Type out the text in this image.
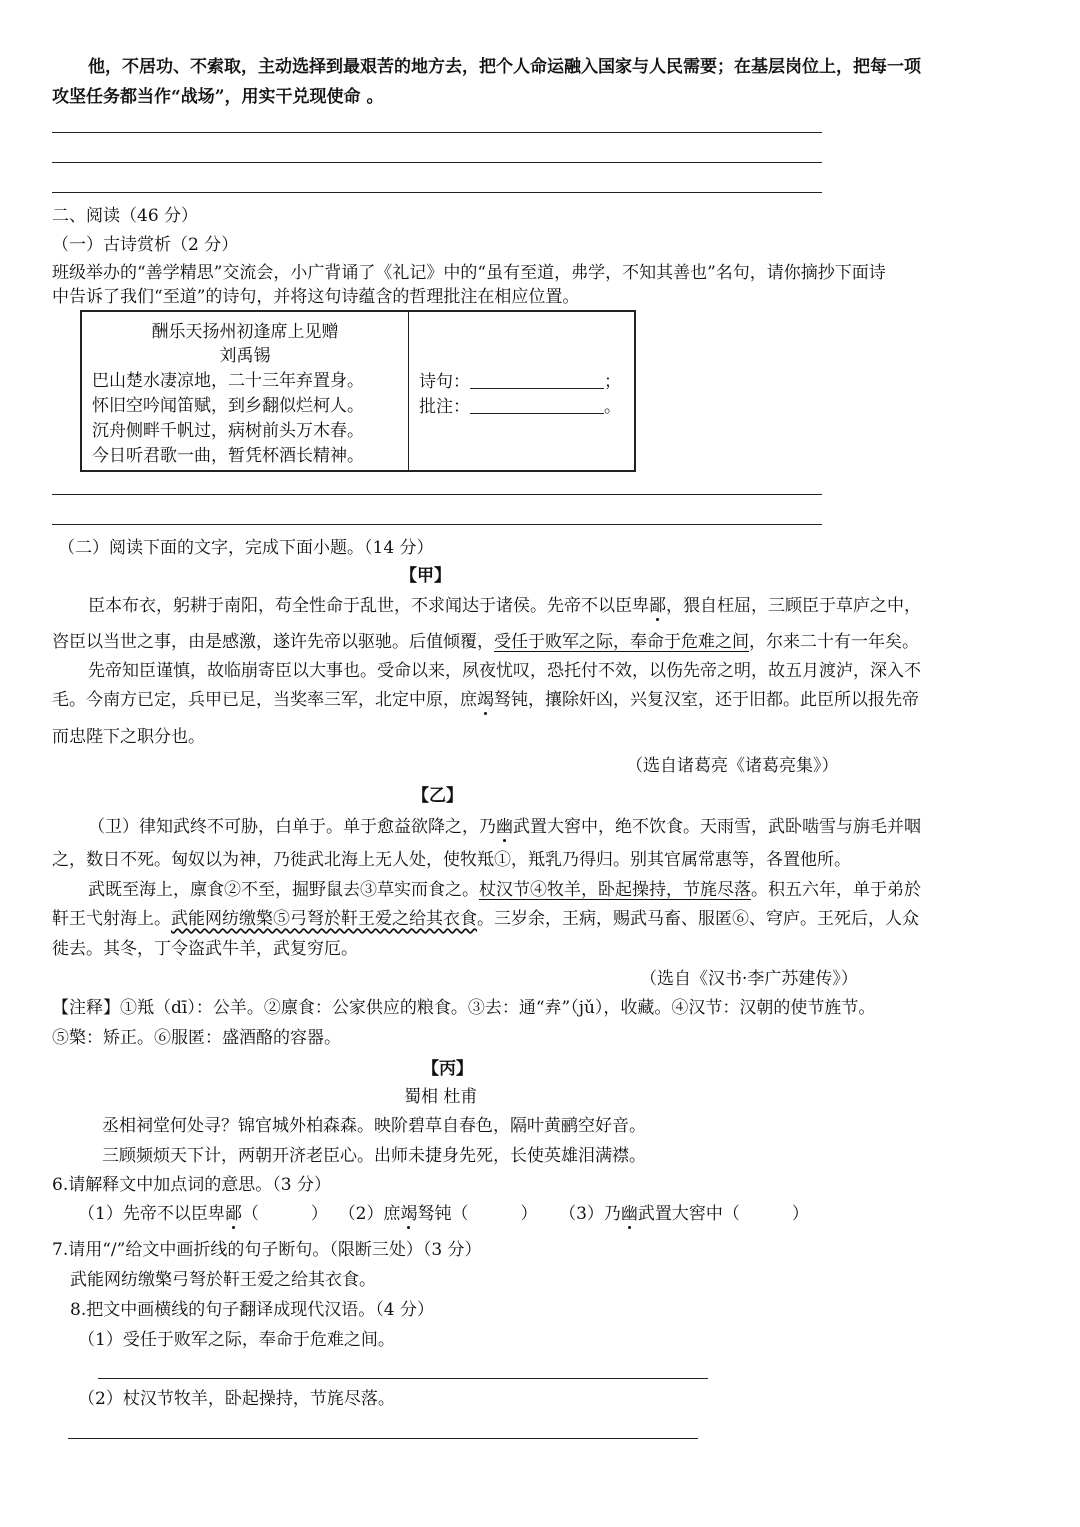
他，不居功、不索取，主动选择到最艰苦的地方去，把个人命运融入国家与人民需要；在基层岗位上，把每一项
攻坚任务都当作“战场”，用实干兑现使命 。
二、阅读（46 分）
（一）古诗赏析（2 分）
班级举办的“善学精思”交流会，小广背诵了《礼记》中的“虽有至道，弗学，不知其善也”名句，请你摘抄下面诗
中告诉了我们“至道”的诗句，并将这句诗蕴含的哲理批注在相应位置。
酬乐天扬州初逢席上见赠
刘禹锡
巴山楚水凄凉地，二十三年弃置身。
怀旧空吟闻笛赋，到乡翻似烂柯人。
沉舟侧畔千帆过，病树前头万木春。
今日听君歌一曲，暂凭杯酒长精神。
诗句：	；
批注：	。
（二）阅读下面的文字，完成下面小题。（14 分）
【甲】
臣本布衣，躬耕于南阳，苟全性命于乱世，不求闻达于诸侯。先帝不以臣卑鄙，猥自枉屈，三顾臣于草庐之中，
咨臣以当世之事，由是感激，遂许先帝以驱驰。后值倾覆，受任于败军之际，奉命于危难之间，尔来二十有一年矣。
先帝知臣谨慎，故临崩寄臣以大事也。受命以来，夙夜忧叹，恐托付不效，以伤先帝之明，故五月渡泸，深入不
毛。今南方已定，兵甲已足，当奖率三军，北定中原，庶竭驽钝，攘除奸凶，兴复汉室，还于旧都。此臣所以报先帝
而忠陛下之职分也。
（选自诸葛亮《诸葛亮集》）
【乙】
（卫）律知武终不可胁，白单于。单于愈益欲降之，乃幽武置大窖中，绝不饮食。天雨雪，武卧啮雪与旃毛并咽
之，数日不死。匈奴以为神，乃徙武北海上无人处，使牧羝①，羝乳乃得归。别其官属常惠等，各置他所。
武既至海上，廪食②不至，掘野鼠去③草实而食之。杖汉节④牧羊，卧起操持，节旄尽落。积五六年，单于弟於
靬王弋射海上。武能网纺缴檠⑤弓弩於靬王爱之给其衣食。三岁余，王病，赐武马畜、服匿⑥、穹庐。王死后，人众
徙去。其冬，丁令盗武牛羊，武复穷厄。
（选自《汉书·李广苏建传》）
【注释】①羝（dī）：公羊。②廪食：公家供应的粮食。③去：通“弆”（jǔ），收藏。④汉节：汉朝的使节旌节。
⑤檠：矫正。⑥服匿：盛酒酪的容器。
【丙】
蜀相 杜甫
丞相祠堂何处寻？锦官城外柏森森。映阶碧草自春色，隔叶黄鹂空好音。
三顾频烦天下计，两朝开济老臣心。出师未捷身先死，长使英雄泪满襟。
6.请解释文中加点词的意思。（3 分）
（1）先帝不以臣卑鄙（	） （2）庶竭驽钝（	） （3）乃幽武置大窖中（	）
7.请用“/”给文中画折线的句子断句。（限断三处）（3 分）
武能网纺缴檠弓弩於靬王爱之给其衣食。
8.把文中画横线的句子翻译成现代汉语。（4 分）
（1）受任于败军之际，奉命于危难之间。
（2）杖汉节牧羊，卧起操持，节旄尽落。
